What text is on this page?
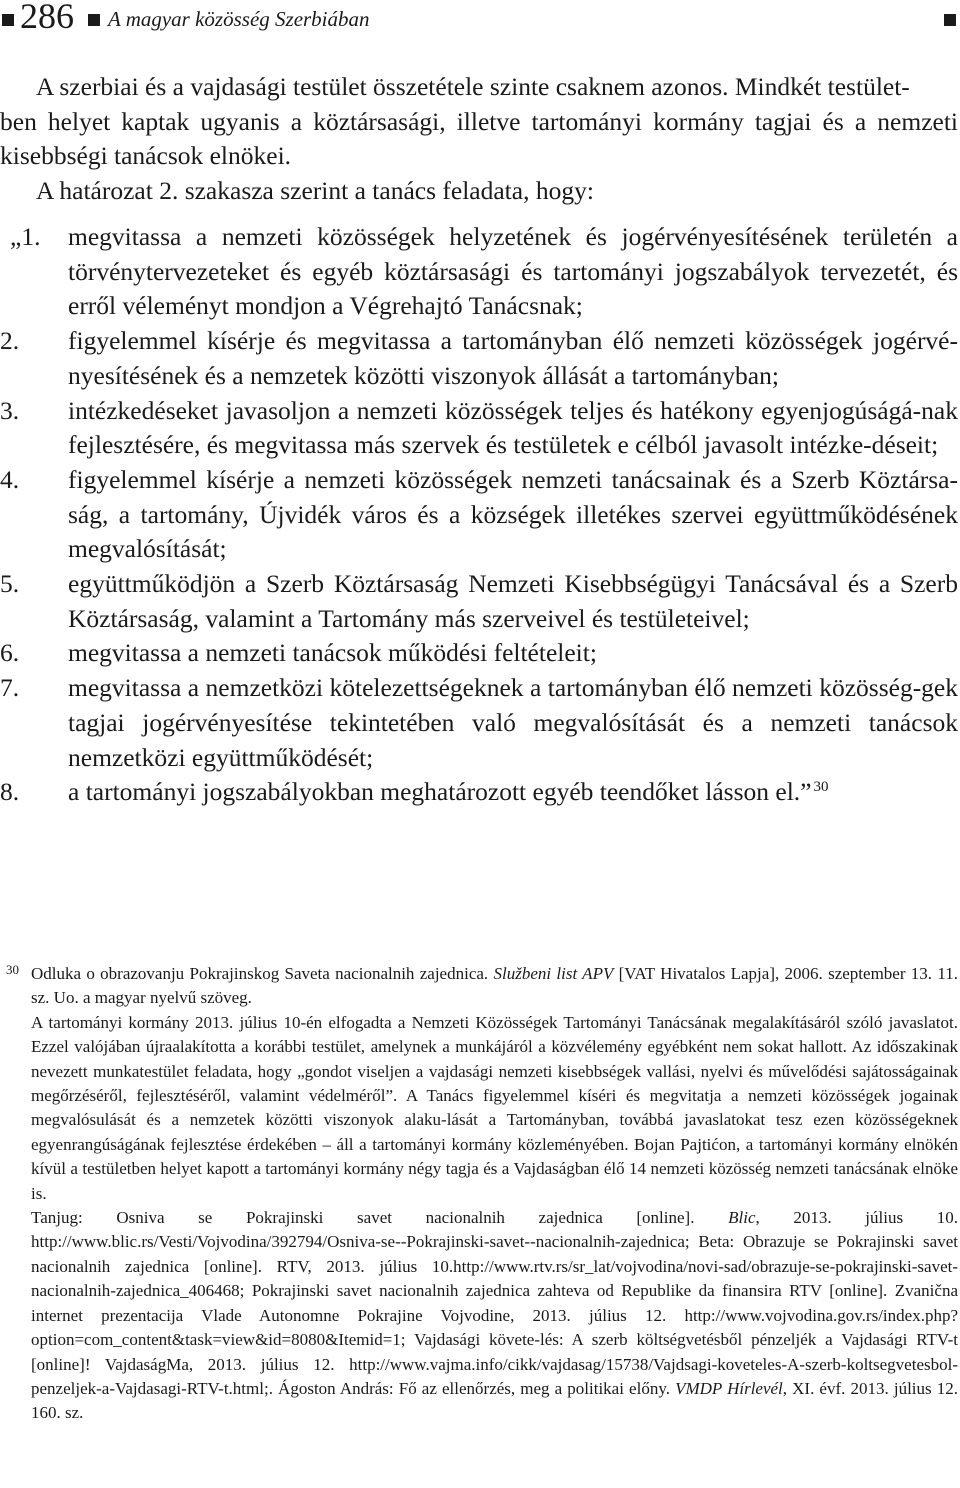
286 A magyar közösség Szerbiában

A szerbiai és a vajdasági testület összetétele szinte csaknem azonos. Mindkét testület-
ben helyet kaptak ugyanis a köztársasági, illetve tartományi kormány tagjai és a nemzeti kisebbségi tanácsok elnökei.

A határozat 2. szakasza szerint a tanács feladata, hogy:

„1.	megvitassa a nemzeti közösségek helyzetének és jogérvényesítésének területén a törvénytervezeteket és egyéb köztársasági és tartományi jogszabályok tervezetét, és erről véleményt mondjon a Végrehajtó Tanácsnak;
2.	figyelemmel kísérje és megvitassa a tartományban élő nemzeti közösségek jogérvé-nyesítésének és a nemzetek közötti viszonyok állását a tartományban;
3.	intézkedéseket javasoljon a nemzeti közösségek teljes és hatékony egyenjogúságá-nak fejlesztésére, és megvitassa más szervek és testületek e célból javasolt intézke-déseit;
4.	figyelemmel kísérje a nemzeti közösségek nemzeti tanácsainak és a Szerb Köztársa-ság, a tartomány, Újvidék város és a községek illetékes szervei együttműködésének megvalósítását;
5.	együttműködjön a Szerb Köztársaság Nemzeti Kisebbségügyi Tanácsával és a Szerb Köztársaság, valamint a Tartomány más szerveivel és testületeivel;
6.	megvitassa a nemzeti tanácsok működési feltételeit;
7.	megvitassa a nemzetközi kötelezettségeknek a tartományban élő nemzeti közösség-gek tagjai jogérvényesítése tekintetében való megvalósítását és a nemzeti tanácsok nemzetközi együttműködését;
8.	a tartományi jogszabályokban meghatározott egyéb teendőket lásson el.” $^{30}$
30 Odluka o obrazovanju Pokrajinskog Saveta nacionalnih zajednica. Službeni list APV [VAT Hivatalos Lapja], 2006. szeptember 13. 11. sz. Uo. a magyar nyelvű szöveg.

A tartományi kormány 2013. július 10-én elfogadta a Nemzeti Közösségek Tartományi Tanácsának megalakításáról szóló javaslatot. Ezzel valójában újraalakította a korábbi testület, amelynek a munkájáról a közvélemény egyébként nem sokat hallott. Az időszakinak nevezett munkatestület feladata, hogy „gondot viseljen a vajdasági nemzeti kisebbségek vallási, nyelvi és művelődési sajátosságainak megőrzéséről, fejlesztéséről, valamint védelméről”. A Tanács figyelemmel kíséri és megvitatja a nemzeti közösségek jogainak megvalósulását és a nemzetek közötti viszonyok alaku-lását a Tartományban, továbbá javaslatokat tesz ezen közösségeknek egyenrangúságának fejlesztése érdekében – áll a tartományi kormány közleményében. Bojan Pajtićon, a tartományi kormány elnökén kívül a testületben helyet kapott a tartományi kormány négy tagja és a Vajdaságban élő 14 nemzeti közösség nemzeti tanácsának elnöke is.

Tanjug: Osniva se Pokrajinski savet nacionalnih zajednica [online]. Blic, 2013. július 10. http://www.blic.rs/Vesti/Vojvodina/392794/Osniva-se--Pokrajinski-savet--nacionalnih-zajednica; Beta: Obrazuje se Pokrajinski savet nacionalnih zajednica [online]. RTV, 2013. július 10.http://www.rtv.rs/sr_lat/vojvodina/novi-sad/obrazuje-se-pokrajinski-savet-nacionalnih-zajednica_406468; Pokrajinski savet nacionalnih zajednica zahteva od Republike da finansira RTV [online]. Zvanična internet prezentacija Vlade Autonomne Pokrajine Vojvodine, 2013. július 12. http://www.vojvodina.gov.rs/index.php?option=com_content&task=view&id=8080&Itemid=1; Vajdasági követe-lés: A szerb költségvetésből pénzeljék a Vajdasági RTV-t [online]! VajdaságMa, 2013. július 12. http://www.vajma.info/cikk/vajdasag/15738/Vajdsagi-koveteles-A-szerb-koltsegvetesbol-penzeljek-a-Vajdasagi-RTV-t.html;. Ágoston András: Fő az ellenőrzés, meg a politikai előny. VMDP Hírlevél, XI. évf. 2013. július 12. 160. sz.
